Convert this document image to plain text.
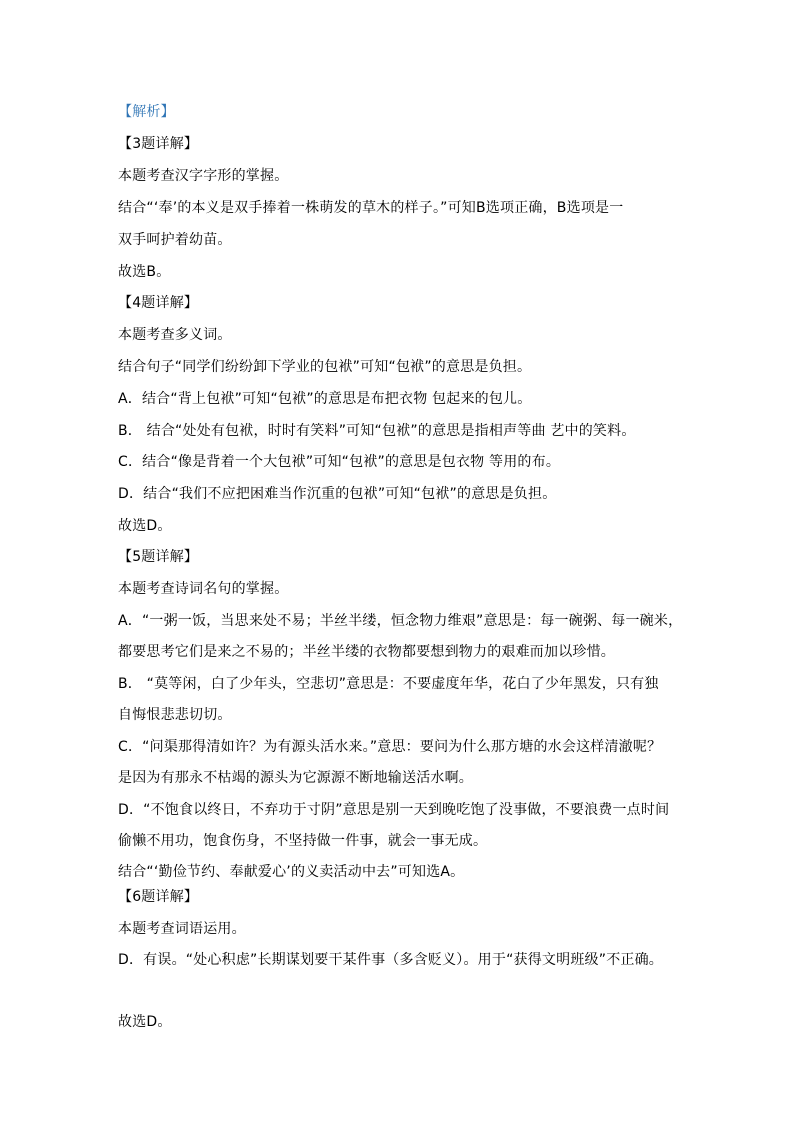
【解析】
【3题详解】
本题考查汉字字形的掌握。
结合“‘奉’的本义是双手捧着一株萌发的草木的样子。”可知B选项正确，B选项是一
双手呵护着幼苗。
故选B。
【4题详解】
本题考查多义词。
结合句子“同学们纷纷卸下学业的包袱”可知“包袱”的意思是负担。
A．结合“背上包袱”可知“包袱”的意思是布把衣物 包起来的包儿。
B． 结合“处处有包袱，时时有笑料”可知“包袱”的意思是指相声等曲 艺中的笑料。
C．结合“像是背着一个大包袱”可知“包袱”的意思是包衣物 等用的布。
D．结合“我们不应把困难当作沉重的包袱”可知“包袱”的意思是负担。
故选D。
【5题详解】
本题考查诗词名句的掌握。
A．“一粥一饭，当思来处不易；半丝半缕，恒念物力维艰”意思是：每一碗粥、每一碗米，
都要思考它们是来之不易的；半丝半缕的衣物都要想到物力的艰难而加以珍惜。
B． “莫等闲，白了少年头，空悲切”意思是：不要虚度年华，花白了少年黑发，只有独
自悔恨悲悲切切。
C．“问渠那得清如许？为有源头活水来。”意思：要问为什么那方塘的水会这样清澈呢？
是因为有那永不枯竭的源头为它源源不断地输送活水啊。
D．“不饱食以终日，不弃功于寸阴”意思是别一天到晚吃饱了没事做，不要浪费一点时间
偷懒不用功，饱食伤身，不坚持做一件事，就会一事无成。
结合“‘勤俭节约、奉献爱心’的义卖活动中去”可知选A。
【6题详解】
本题考查词语运用。
D．有误。“处心积虑”长期谋划要干某件事（多含贬义）。用于“获得文明班级”不正确。
故选D。
